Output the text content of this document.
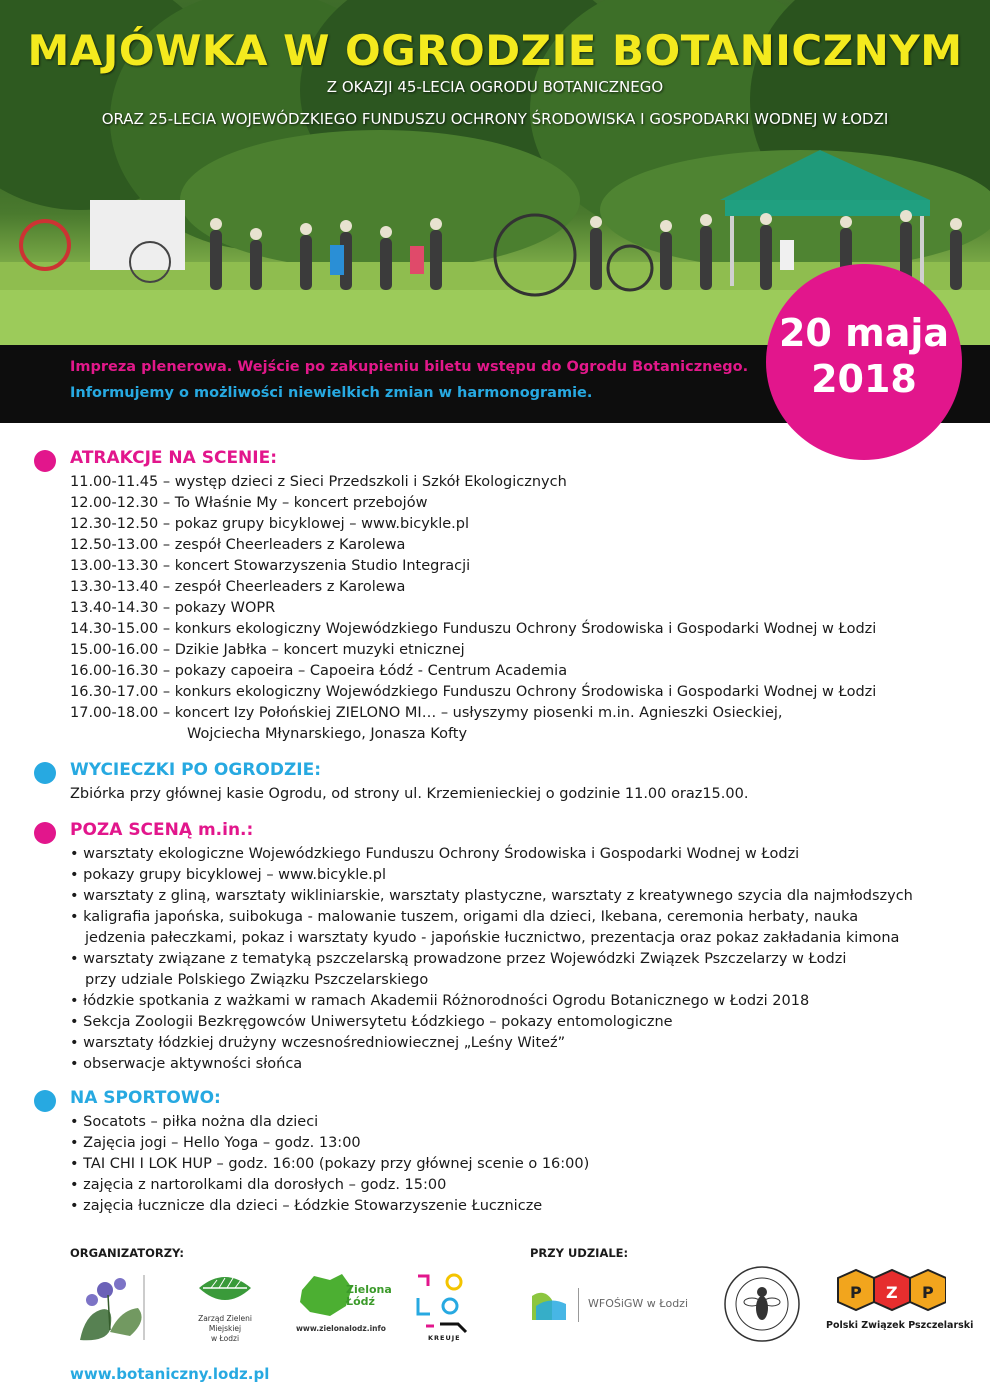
MAJÓWKA W OGRODZIE BOTANICZNYM
Z OKAZJI 45-LECIA OGRODU BOTANICZNEGO
ORAZ 25-LECIA WOJEWÓDZKIEGO FUNDUSZU OCHRONY ŚRODOWISKA I GOSPODARKI WODNEJ W ŁODZI
Impreza plenerowa. Wejście po zakupieniu biletu wstępu do Ogrodu Botanicznego.
Informujemy o możliwości niewielkich zmian w harmonogramie.
20 maja
2018
ATRAKCJE NA SCENIE:
11.00-11.45 – występ dzieci z Sieci Przedszkoli i Szkół Ekologicznych
12.00-12.30 – To Właśnie My – koncert przebojów
12.30-12.50 – pokaz grupy bicyklowej – www.bicykle.pl
12.50-13.00 – zespół Cheerleaders z Karolewa
13.00-13.30 – koncert Stowarzyszenia Studio Integracji
13.30-13.40 – zespół Cheerleaders z Karolewa
13.40-14.30 – pokazy WOPR
14.30-15.00 – konkurs ekologiczny Wojewódzkiego Funduszu Ochrony Środowiska i Gospodarki Wodnej w Łodzi
15.00-16.00 – Dzikie Jabłka – koncert muzyki etnicznej
16.00-16.30 – pokazy capoeira – Capoeira Łódź - Centrum Academia
16.30-17.00 – konkurs ekologiczny Wojewódzkiego Funduszu Ochrony Środowiska i Gospodarki Wodnej w Łodzi
17.00-18.00 – koncert Izy Połońskiej ZIELONO MI… – usłyszymy piosenki m.in. Agnieszki Osieckiej,
Wojciecha Młynarskiego, Jonasza Kofty
WYCIECZKI PO OGRODZIE:
Zbiórka przy głównej kasie Ogrodu, od strony ul. Krzemienieckiej o godzinie 11.00 oraz15.00.
POZA SCENĄ m.in.:
• warsztaty ekologiczne Wojewódzkiego Funduszu Ochrony Środowiska i Gospodarki Wodnej w Łodzi
• pokazy grupy bicyklowej – www.bicykle.pl
• warsztaty z gliną, warsztaty wikliniarskie, warsztaty plastyczne, warsztaty z kreatywnego szycia dla najmłodszych
• kaligrafia japońska, suibokuga - malowanie tuszem, origami dla dzieci, Ikebana, ceremonia herbaty, nauka
jedzenia pałeczkami, pokaz i warsztaty kyudo - japońskie łucznictwo, prezentacja oraz pokaz zakładania kimona
• warsztaty związane z tematyką pszczelarską prowadzone przez Wojewódzki Związek Pszczelarzy w Łodzi
przy udziale Polskiego Związku Pszczelarskiego
• łódzkie spotkania z ważkami w ramach Akademii Różnorodności Ogrodu Botanicznego w Łodzi 2018
• Sekcja Zoologii Bezkręgowców Uniwersytetu Łódzkiego – pokazy entomologiczne
• warsztaty łódzkiej drużyny wczesnośredniowiecznej „Leśny Witeź”
• obserwacje aktywności słońca
NA SPORTOWO:
• Socatots – piłka nożna dla dzieci
• Zajęcia jogi – Hello Yoga – godz. 13:00
• TAI CHI I LOK HUP – godz. 16:00 (pokazy przy głównej scenie o 16:00)
• zajęcia z nartorolkami dla dorosłych – godz. 15:00
• zajęcia łucznicze dla dzieci – Łódzkie Stowarzyszenie Łucznicze
ORGANIZATORZY:	PRZY UDZIALE:
Zarząd Zieleni Miejskiej
w Łodzi
Zielona
Łódź
www.zielonalodz.info
KREUJE
WFOŚiGW w Łodzi
P Z P
Polski Związek Pszczelarski
www.botaniczny.lodz.pl
